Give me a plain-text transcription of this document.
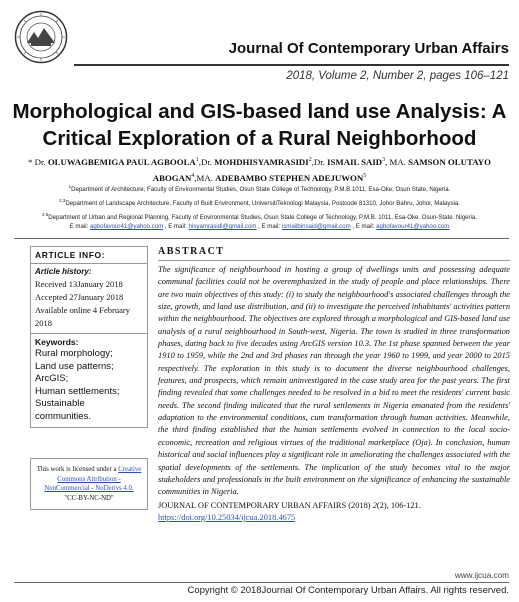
Journal Of Contemporary Urban Affairs
2018, Volume 2, Number 2, pages 106–121
Morphological and GIS-based land use Analysis: A Critical Exploration of a Rural Neighborhood
* Dr. OLUWAGBEMIGA PAUL AGBOOLA$^1$,Dr. MOHDHISYAMRASIDI$^2$,Dr. ISMAIL SAID$^3$, MA. SAMSON OLUTAYO ABOGAN$^4$,MA. ADEBAMBO STEPHEN ADEJUWON$^5$
$^1$Department of Architecture, Faculty of Environmental Studies, Osun State College of Technology, P.M.B.1011, Esa-Oke, Osun State, Nigeria.
$^{2,3}$Department of Landscape Architecture, Faculty of Built Environment, UniversitiTeknologi Malaysia, Postcode 81310, Johor Bahru, Johor, Malaysia.
$^{4,5}$Department of Urban and Regional Planning, Faculty of Environmental Studies, Osun State College of Technology, P.M.B. 1011, Esa-Oke. Osun-State. Nigeria.
E mail: agbofavour41@yahoo.com , E mail: hisyamrasidi@gmail.com , E mail: ismailbinsaid@gmail.com , E mail: agbofavour41@yahoo.com
ARTICLE INFO:
Article history:
Received 13January 2018
Accepted 27January 2018
Available online 4 February 2018
Keywords:
Rural morphology;
Land use patterns;
ArcGIS;
Human settlements;
Sustainable communities.
This work is licensed under a Creative Commons Attribution - NonCommercial - NoDerivs 4.0.
"CC-BY-NC-ND"
ABSTRACT

The significance of neighbourhood in hosting a group of dwellings units and possessing adequate communal facilities could not be overemphasized in the study of people and place relationships. There are two main objectives of this study: (i) to study the neighbourhood's associated challenges through the size, growth, and land use distribution, and (ii) to investigate the perceived inhabitants' activities pattern within the neighbourhood. The objectives are explored through a morphological and GIS-based land use analysis of a rural neighbourhood in South-west, Nigeria. The town is studied in three transformation phases, dating back to five decades using ArcGIS version 10.3. The 1st phase spanned between the year 1910 to 1959, while the 2nd and 3rd phases ran through the year 1960 to 1999, and year 2000 to 2015 respectively. The exploration in this study is to document the diverse neighbourhood challenges, features, and prospects, which remain uninvestigated in the case study area for the past years. The first finding revealed that some challenges needed to be resolved in a bid to meet the residents' current basic needs. The second finding indicated that the rural settlements in Nigeria emanated from the residents' adaptation to the environmental conditions, cum transformation through human activities. Meanwhile, the third finding established that the human settlements evolved in connection to the local socio-economic, recreation and religious virtues of the traditional marketplace (Oja). In conclusion, human historical and social influences play a significant role in ameliorating the challenges associated with the spatial developments of the settlements. The implication of the study becomes vital to the major stakeholders and professionals in the built environment on the significance of enhancing the sustainable communities in Nigeria.

JOURNAL OF CONTEMPORARY URBAN AFFAIRS (2018) 2(2), 106-121.
https://doi.org/10.25034/ijcua.2018.4675
www.ijcua.com
Copyright © 2018Journal Of Contemporary Urban Affairs. All rights reserved.
